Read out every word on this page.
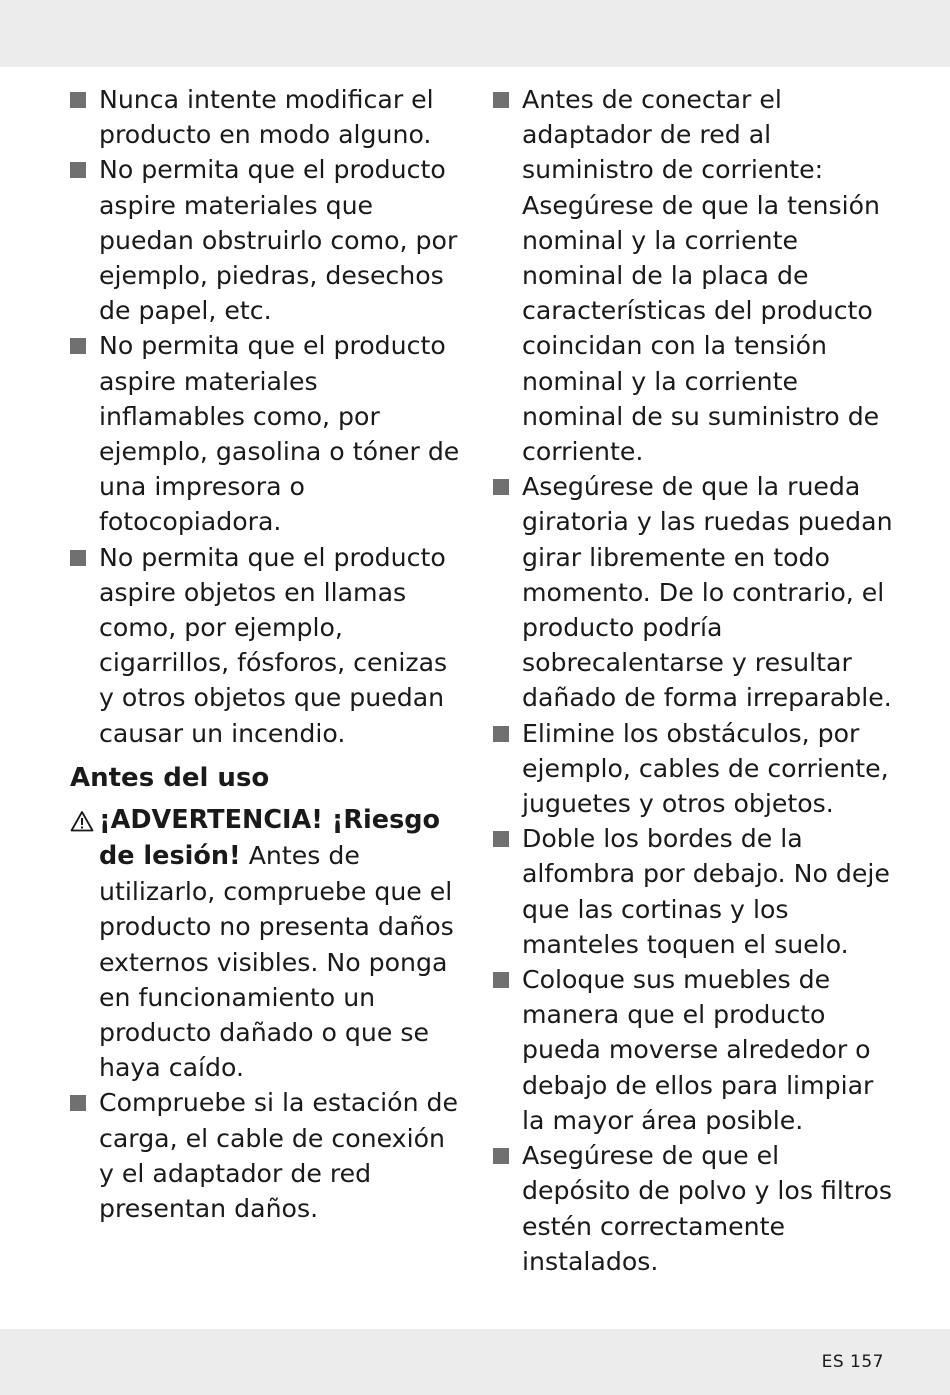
Nunca intente modificar el producto en modo alguno.
No permita que el producto aspire materiales que puedan obstruirlo como, por ejemplo, piedras, desechos de papel, etc.
No permita que el producto aspire materiales inflamables como, por ejemplo, gasolina o tóner de una impresora o fotocopiadora.
No permita que el producto aspire objetos en llamas como, por ejemplo, cigarrillos, fósforos, cenizas y otros objetos que puedan causar un incendio.
Antes del uso
¡ADVERTENCIA! ¡Riesgo de lesión! Antes de utilizarlo, compruebe que el producto no presenta daños externos visibles. No ponga en funcionamiento un producto dañado o que se haya caído.
Compruebe si la estación de carga, el cable de conexión y el adaptador de red presentan daños.
Antes de conectar el adaptador de red al suministro de corriente: Asegúrese de que la tensión nominal y la corriente nominal de la placa de características del producto coincidan con la tensión nominal y la corriente nominal de su suministro de corriente.
Asegúrese de que la rueda giratoria y las ruedas puedan girar libremente en todo momento. De lo contrario, el producto podría sobrecalentarse y resultar dañado de forma irreparable.
Elimine los obstáculos, por ejemplo, cables de corriente, juguetes y otros objetos.
Doble los bordes de la alfombra por debajo. No deje que las cortinas y los manteles toquen el suelo.
Coloque sus muebles de manera que el producto pueda moverse alrededor o debajo de ellos para limpiar la mayor área posible.
Asegúrese de que el depósito de polvo y los filtros estén correctamente instalados.
ES 157
